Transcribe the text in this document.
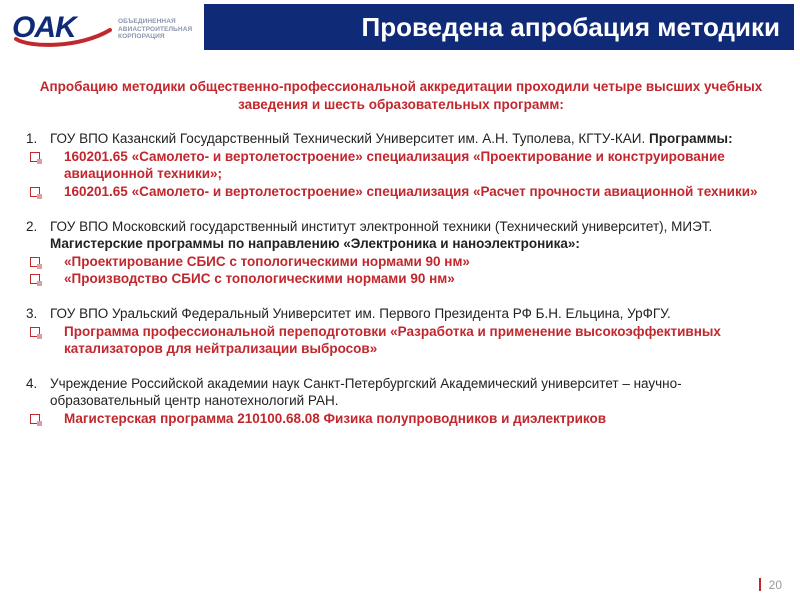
OAK	ОБЪЕДИНЕННАЯ
АВИАСТРОИТЕЛЬНАЯ
КОРПОРАЦИЯ	Проведена апробация методики

Апробацию методики общественно-профессиональной аккредитации проходили четыре высших учебных заведения и шесть образовательных программ:

1. ГОУ ВПО Казанский Государственный Технический Университет им. А.Н. Туполева, КГТУ-КАИ. Программы:

160201.65 «Самолето- и вертолетостроение» специализация «Проектирование и конструирование авиационной техники»;

160201.65 «Самолето- и вертолетостроение» специализация «Расчет прочности авиационной техники»

2. ГОУ ВПО Московский государственный институт электронной техники (Технический университет), МИЭТ. Магистерские программы по направлению «Электроника и наноэлектроника»:

«Проектирование СБИС с топологическими нормами 90 нм»

«Производство СБИС с топологическими нормами 90 нм»

3. ГОУ ВПО Уральский Федеральный Университет им. Первого Президента РФ Б.Н. Ельцина, УрФГУ.

Программа профессиональной переподготовки «Разработка и применение высокоэффективных катализаторов для нейтрализации выбросов»

4. Учреждение Российской академии наук Санкт-Петербургский Академический университет – научно-образовательный центр нанотехнологий РАН.

Магистерская программа 210100.68.08 Физика полупроводников и диэлектриков

20
